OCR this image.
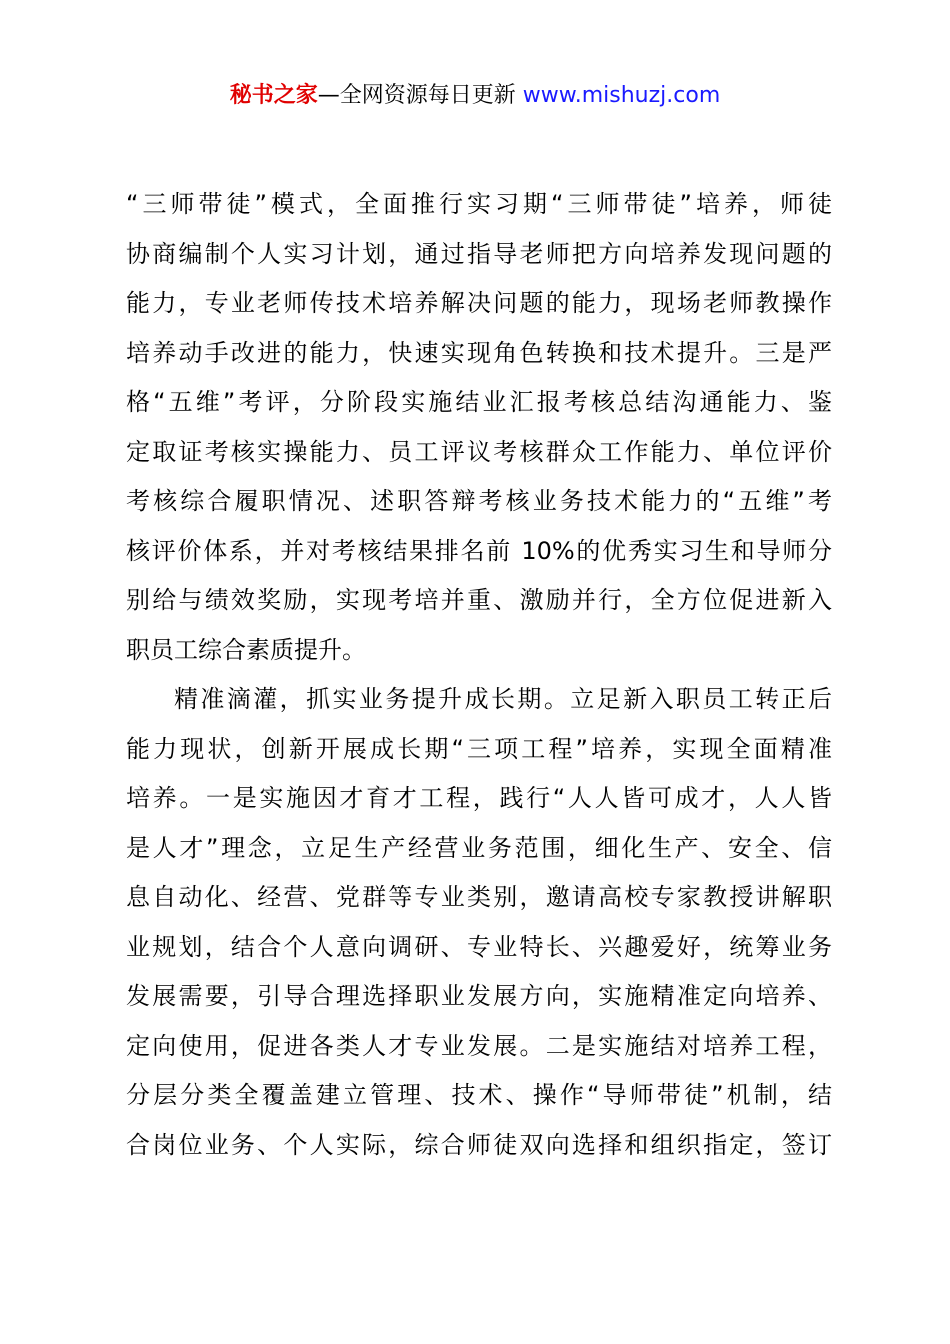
秘书之家—全网资源每日更新 www.mishuzj.com
“三师带徒”模式，全面推行实习期“三师带徒”培养，师徒
协商编制个人实习计划，通过指导老师把方向培养发现问题的
能力，专业老师传技术培养解决问题的能力，现场老师教操作
培养动手改进的能力，快速实现角色转换和技术提升。三是严
格“五维”考评，分阶段实施结业汇报考核总结沟通能力、鉴
定取证考核实操能力、员工评议考核群众工作能力、单位评价
考核综合履职情况、述职答辩考核业务技术能力的“五维”考
核评价体系，并对考核结果排名前 10%的优秀实习生和导师分
别给与绩效奖励，实现考培并重、激励并行，全方位促进新入
职员工综合素质提升。
精准滴灌，抓实业务提升成长期。立足新入职员工转正后
能力现状，创新开展成长期“三项工程”培养，实现全面精准
培养。一是实施因才育才工程，践行“人人皆可成才，人人皆
是人才”理念，立足生产经营业务范围，细化生产、安全、信
息自动化、经营、党群等专业类别，邀请高校专家教授讲解职
业规划，结合个人意向调研、专业特长、兴趣爱好，统筹业务
发展需要，引导合理选择职业发展方向，实施精准定向培养、
定向使用，促进各类人才专业发展。二是实施结对培养工程，
分层分类全覆盖建立管理、技术、操作“导师带徒”机制，结
合岗位业务、个人实际，综合师徒双向选择和组织指定，签订
